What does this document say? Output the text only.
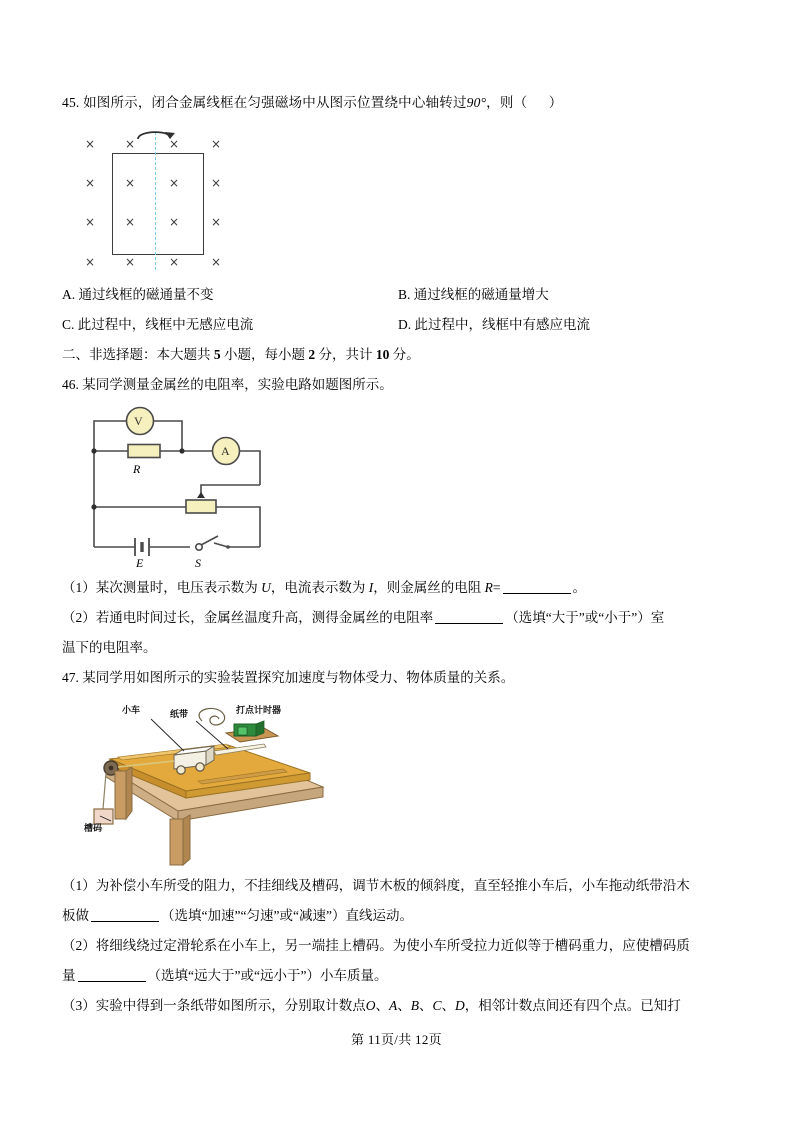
45. 如图所示，闭合金属线框在匀强磁场中从图示位置绕中心轴转过90°，则（      ）
× ×	×	×
× ×	×	×
× ×	×	×
× ×	×	×
A. 通过线框的磁通量不变	B. 通过线框的磁通量增大
C. 此过程中，线框中无感应电流	D. 此过程中，线框中有感应电流
二、非选择题：本大题共 5 小题，每小题 2 分，共计 10 分。
46. 某同学测量金属丝的电阻率，实验电路如题图所示。
R
V
A
E	S
（1）某次测量时，电压表示数为 U，电流表示数为 I，则金属丝的电阻 R=	。
（2）若通电时间过长，金属丝温度升高，测得金属丝的电阻率	（选填“大于”或“小于”）室
温下的电阻率。
47. 某同学用如图所示的实验装置探究加速度与物体受力、物体质量的关系。
小车	纸带	打点计时器
槽码
（1）为补偿小车所受的阻力，不挂细线及槽码，调节木板的倾斜度，直至轻推小车后，小车拖动纸带沿木
板做	（选填“加速”“匀速”或“减速”）直线运动。
（2）将细线绕过定滑轮系在小车上，另一端挂上槽码。为使小车所受拉力近似等于槽码重力，应使槽码质
量	（选填“远大于”或“远小于”）小车质量。
（3）实验中得到一条纸带如图所示，分别取计数点O、A、B、C、D，相邻计数点间还有四个点。已知打
第 11页/共 12页
